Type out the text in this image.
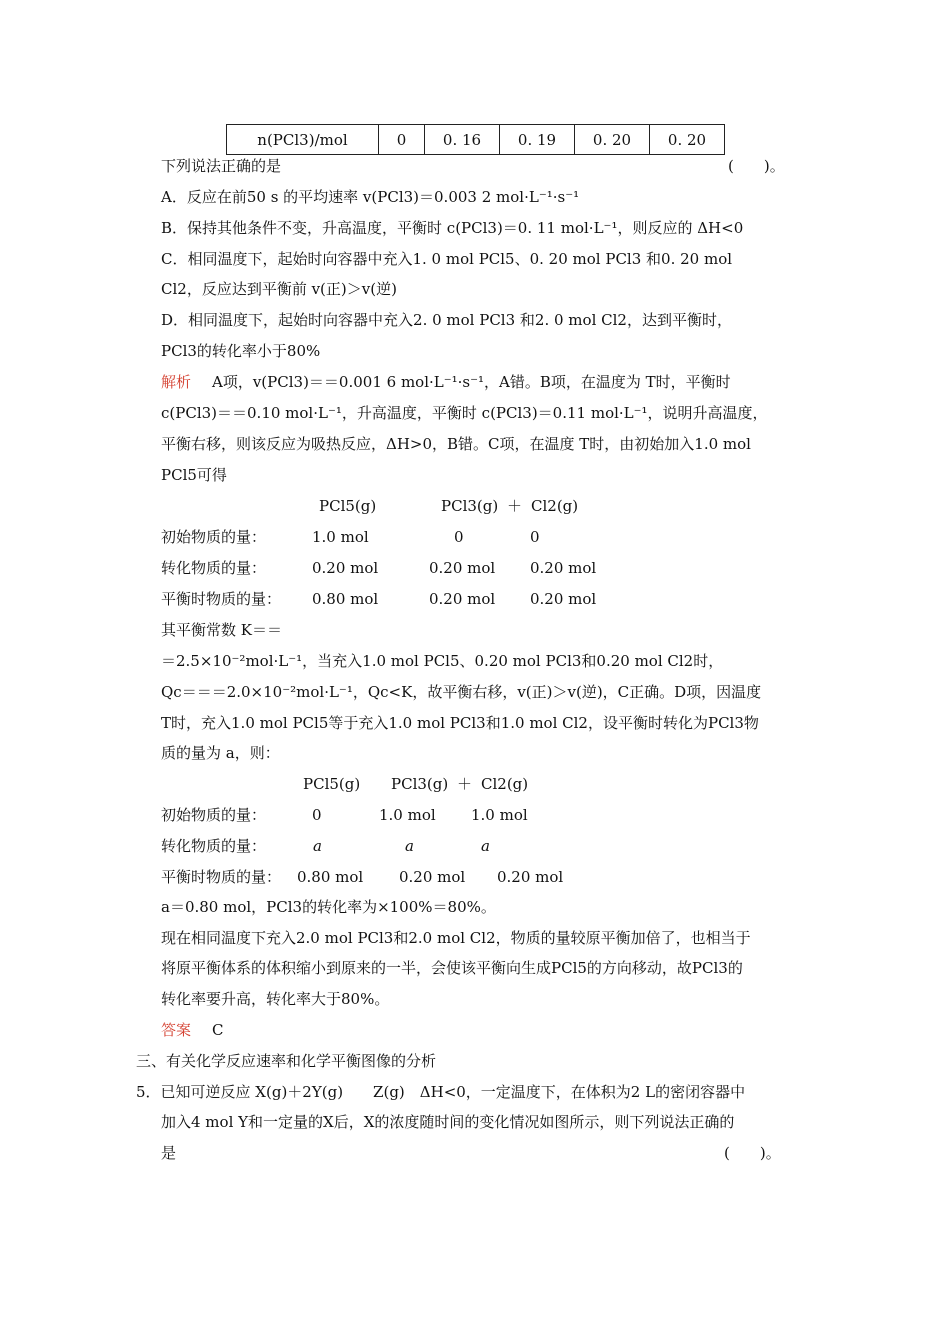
n(PCl3)/mol	0	0. 16	0. 19	0. 20	0. 20
下列说法正确的是	(　　)。
A．反应在前50 s 的平均速率 v(PCl3)＝0.003 2 mol·L⁻¹·s⁻¹
B．保持其他条件不变，升高温度，平衡时 c(PCl3)＝0. 11 mol·L⁻¹，则反应的 ΔH<0
C．相同温度下，起始时向容器中充入1. 0 mol PCl5、0. 20 mol PCl3 和0. 20 mol
Cl2，反应达到平衡前 v(正)＞v(逆)
D．相同温度下，起始时向容器中充入2. 0 mol PCl3 和2. 0 mol Cl2，达到平衡时，
PCl3的转化率小于80%
解析 A项，v(PCl3)＝＝0.001 6 mol·L⁻¹·s⁻¹，A错。B项，在温度为 T时，平衡时
c(PCl3)＝＝0.10 mol·L⁻¹，升高温度，平衡时 c(PCl3)＝0.11 mol·L⁻¹，说明升高温度，
平衡右移，则该反应为吸热反应，ΔH>0，B错。C项，在温度 T时，由初始加入1.0 mol
PCl5可得
PCl5(g)	PCl3(g) ＋ Cl2(g)
初始物质的量：	1.0 mol	0	0
转化物质的量：	0.20 mol	0.20 mol 0.20 mol
平衡时物质的量： 0.80 mol	0.20 mol 0.20 mol
其平衡常数 K＝＝
＝2.5×10⁻²mol·L⁻¹，当充入1.0 mol PCl5、0.20 mol PCl3和0.20 mol Cl2时，
Qc＝＝＝2.0×10⁻²mol·L⁻¹，Qc<K，故平衡右移，v(正)＞v(逆)，C正确。D项，因温度
T时，充入1.0 mol PCl5等于充入1.0 mol PCl3和1.0 mol Cl2，设平衡时转化为PCl3物
质的量为 a，则：
PCl5(g) PCl3(g) ＋ Cl2(g)
初始物质的量：	0	1.0 mol 1.0 mol
转化物质的量：	a	a	a
平衡时物质的量： 0.80 mol 0.20 mol 0.20 mol
a＝0.80 mol，PCl3的转化率为×100%＝80%。
现在相同温度下充入2.0 mol PCl3和2.0 mol Cl2，物质的量较原平衡加倍了，也相当于
将原平衡体系的体积缩小到原来的一半，会使该平衡向生成PCl5的方向移动，故PCl3的
转化率要升高，转化率大于80%。
答案 C
三、有关化学反应速率和化学平衡图像的分析
5．已知可逆反应 X(g)＋2Y(g)　　Z(g)　ΔH<0，一定温度下，在体积为2 L的密闭容器中
加入4 mol Y和一定量的X后，X的浓度随时间的变化情况如图所示，则下列说法正确的
是	(　　)。
